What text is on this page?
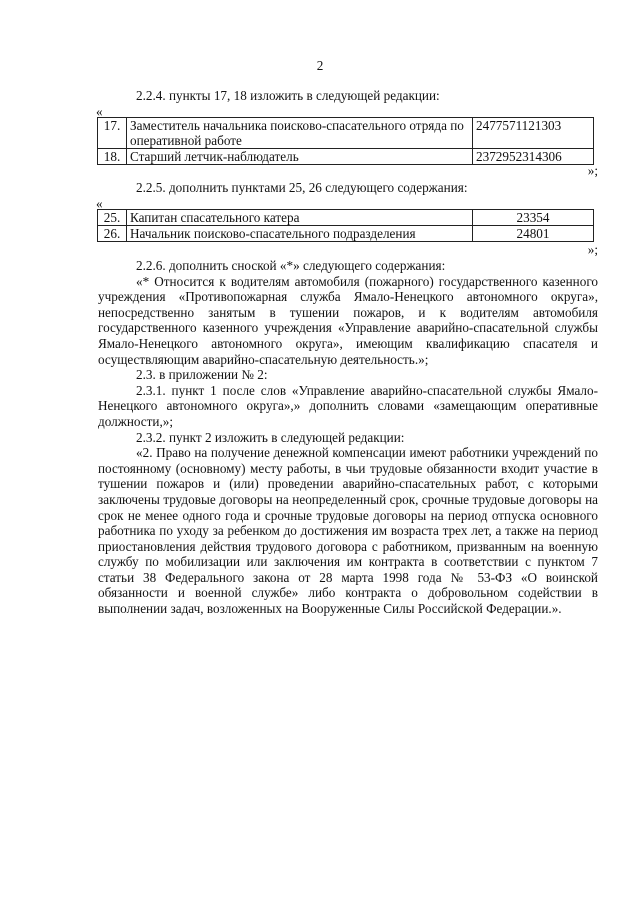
2
2.2.4. пункты 17, 18 изложить в следующей редакции:
«
17.	Заместитель начальника поисково-спасательного отряда по оперативной работе	2477571121303
18.	Старший летчик-наблюдатель	2372952314306
»;
2.2.5. дополнить пунктами 25, 26 следующего содержания:
«
25.	Капитан спасательного катера	23354
26.	Начальник поисково-спасательного подразделения	24801
»;

2.2.6. дополнить сноской «*» следующего содержания:

«* Относится к водителям автомобиля (пожарного) государственного казенного учреждения «Противопожарная служба Ямало-Ненецкого автономного округа», непосредственно занятым в тушении пожаров, и к водителям автомобиля государственного казенного учреждения «Управление аварийно-спасательной службы Ямало-Ненецкого автономного округа», имеющим квалификацию спасателя и осуществляющим аварийно-спасательную деятельность.»;

2.3. в приложении № 2:

2.3.1. пункт 1 после слов «Управление аварийно-спасательной службы Ямало-Ненецкого автономного округа»,» дополнить словами «замещающим оперативные должности,»;

2.3.2. пункт 2 изложить в следующей редакции:

«2. Право на получение денежной компенсации имеют работники учреждений по постоянному (основному) месту работы, в чьи трудовые обязанности входит участие в тушении пожаров и (или) проведении аварийно-спасательных работ, с которыми заключены трудовые договоры на неопределенный срок, срочные трудовые договоры на срок не менее одного года и срочные трудовые договоры на период отпуска основного работника по уходу за ребенком до достижения им возраста трех лет, а также на период приостановления действия трудового договора с работником, призванным на военную службу по мобилизации или заключения им контракта в соответствии с пунктом 7 статьи 38 Федерального закона от 28 марта 1998 года № 53-ФЗ «О воинской обязанности и военной службе» либо контракта о добровольном содействии в выполнении задач, возложенных на Вооруженные Силы Российской Федерации.».
